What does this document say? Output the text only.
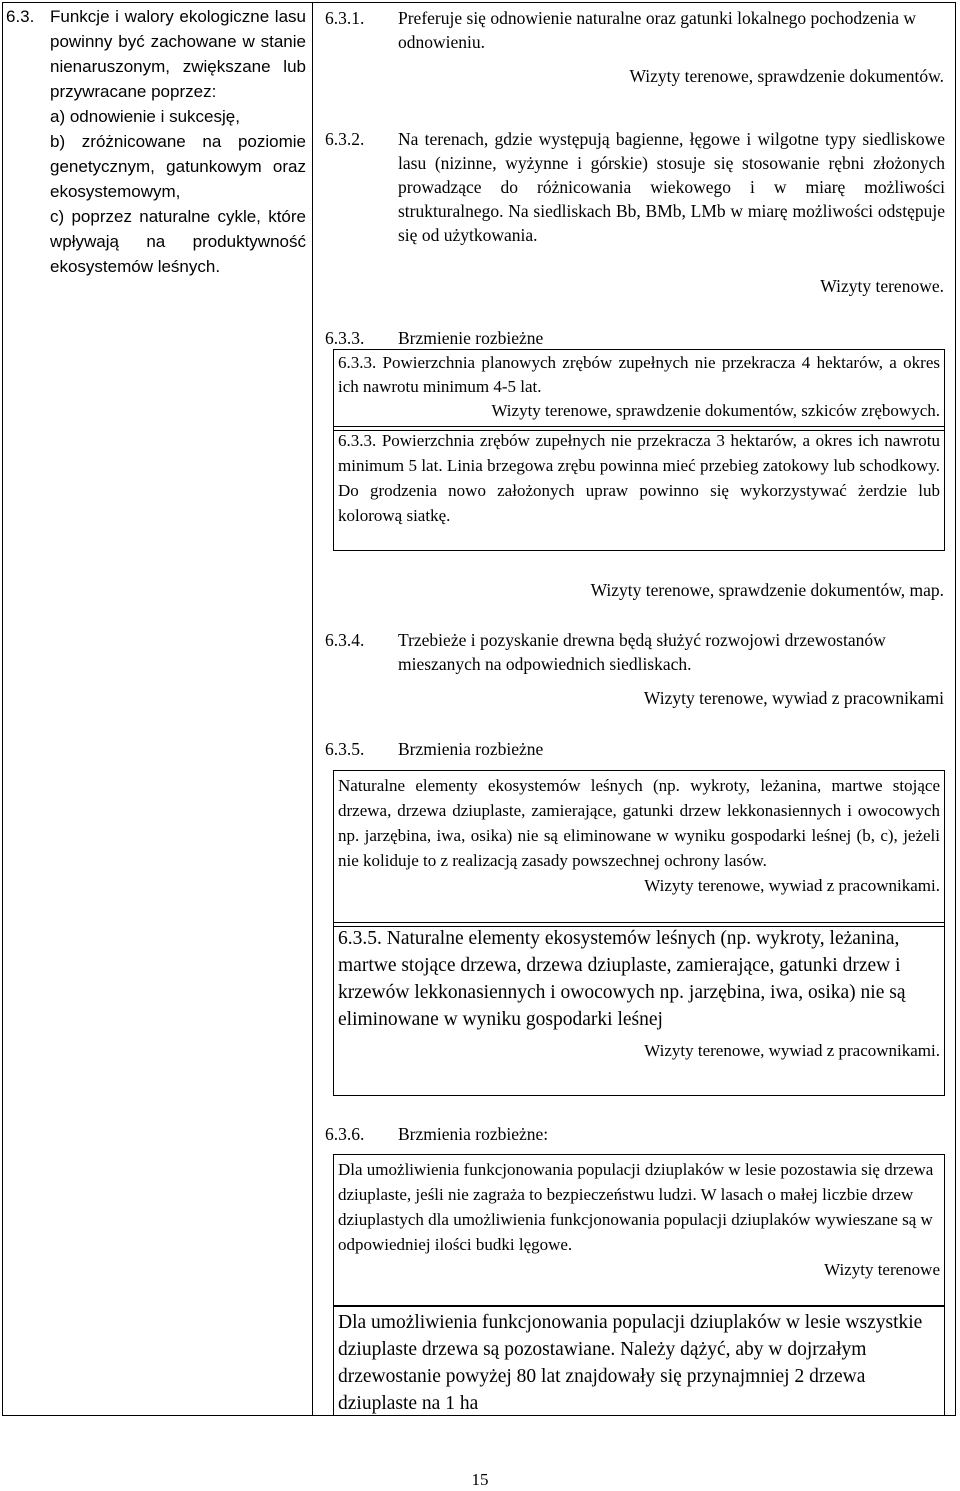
6.3. Funkcje i walory ekologiczne lasu powinny być zachowane w stanie nienaruszonym, zwiększane lub przywracane poprzez:

a) odnowienie i sukcesję,

b) zróżnicowane na poziomie genetycznym, gatunkowym oraz ekosystemowym,

c) poprzez naturalne cykle, które wpływają na produktywność ekosystemów leśnych.

6.3.1. Preferuje się odnowienie naturalne oraz gatunki lokalnego pochodzenia w odnowieniu.
Wizyty terenowe, sprawdzenie dokumentów.
6.3.2. Na terenach, gdzie występują bagienne, łęgowe i wilgotne typy siedliskowe lasu (nizinne, wyżynne i górskie) stosuje się stosowanie rębni złożonych prowadzące do różnicowania wiekowego i w miarę możliwości strukturalnego. Na siedliskach Bb, BMb, LMb w miarę możliwości odstępuje się od użytkowania.
Wizyty terenowe.
6.3.3. Brzmienie rozbieżne

6.3.3. Powierzchnia planowych zrębów zupełnych nie przekracza 4 hektarów, a okres ich nawrotu minimum 4-5 lat.

Wizyty terenowe, sprawdzenie dokumentów, szkiców zrębowych.

6.3.3. Powierzchnia zrębów zupełnych nie przekracza 3 hektarów, a okres ich nawrotu minimum 5 lat. Linia brzegowa zrębu powinna mieć przebieg zatokowy lub schodkowy. Do grodzenia nowo założonych upraw powinno się wykorzystywać żerdzie lub kolorową siatkę.

Wizyty terenowe, sprawdzenie dokumentów, map.
6.3.4. Trzebieże i pozyskanie drewna będą służyć rozwojowi drzewostanów mieszanych na odpowiednich siedliskach.
Wizyty terenowe, wywiad z pracownikami
6.3.5. Brzmienia rozbieżne

Naturalne elementy ekosystemów leśnych (np. wykroty, leżanina, martwe stojące drzewa, drzewa dziuplaste, zamierające, gatunki drzew lekkonasiennych i owocowych np. jarzębina, iwa, osika) nie są eliminowane w wyniku gospodarki leśnej (b, c), jeżeli nie koliduje to z realizacją zasady powszechnej ochrony lasów.

Wizyty terenowe, wywiad z pracownikami.

6.3.5. Naturalne elementy ekosystemów leśnych (np. wykroty, leżanina, martwe stojące drzewa, drzewa dziuplaste, zamierające, gatunki drzew i krzewów lekkonasiennych i owocowych np. jarzębina, iwa, osika) nie są eliminowane w wyniku gospodarki leśnej

Wizyty terenowe, wywiad z pracownikami.

6.3.6. Brzmienia rozbieżne:

Dla umożliwienia funkcjonowania populacji dziuplaków w lesie pozostawia się drzewa dziuplaste, jeśli nie zagraża to bezpieczeństwu ludzi. W lasach o małej liczbie drzew dziuplastych dla umożliwienia funkcjonowania populacji dziuplaków wywieszane są w odpowiedniej ilości budki lęgowe.

Wizyty terenowe

Dla umożliwienia funkcjonowania populacji dziuplaków w lesie wszystkie dziuplaste drzewa są pozostawiane. Należy dążyć, aby w dojrzałym drzewostanie powyżej 80 lat znajdowały się przynajmniej 2 drzewa dziuplaste na 1 ha

15
